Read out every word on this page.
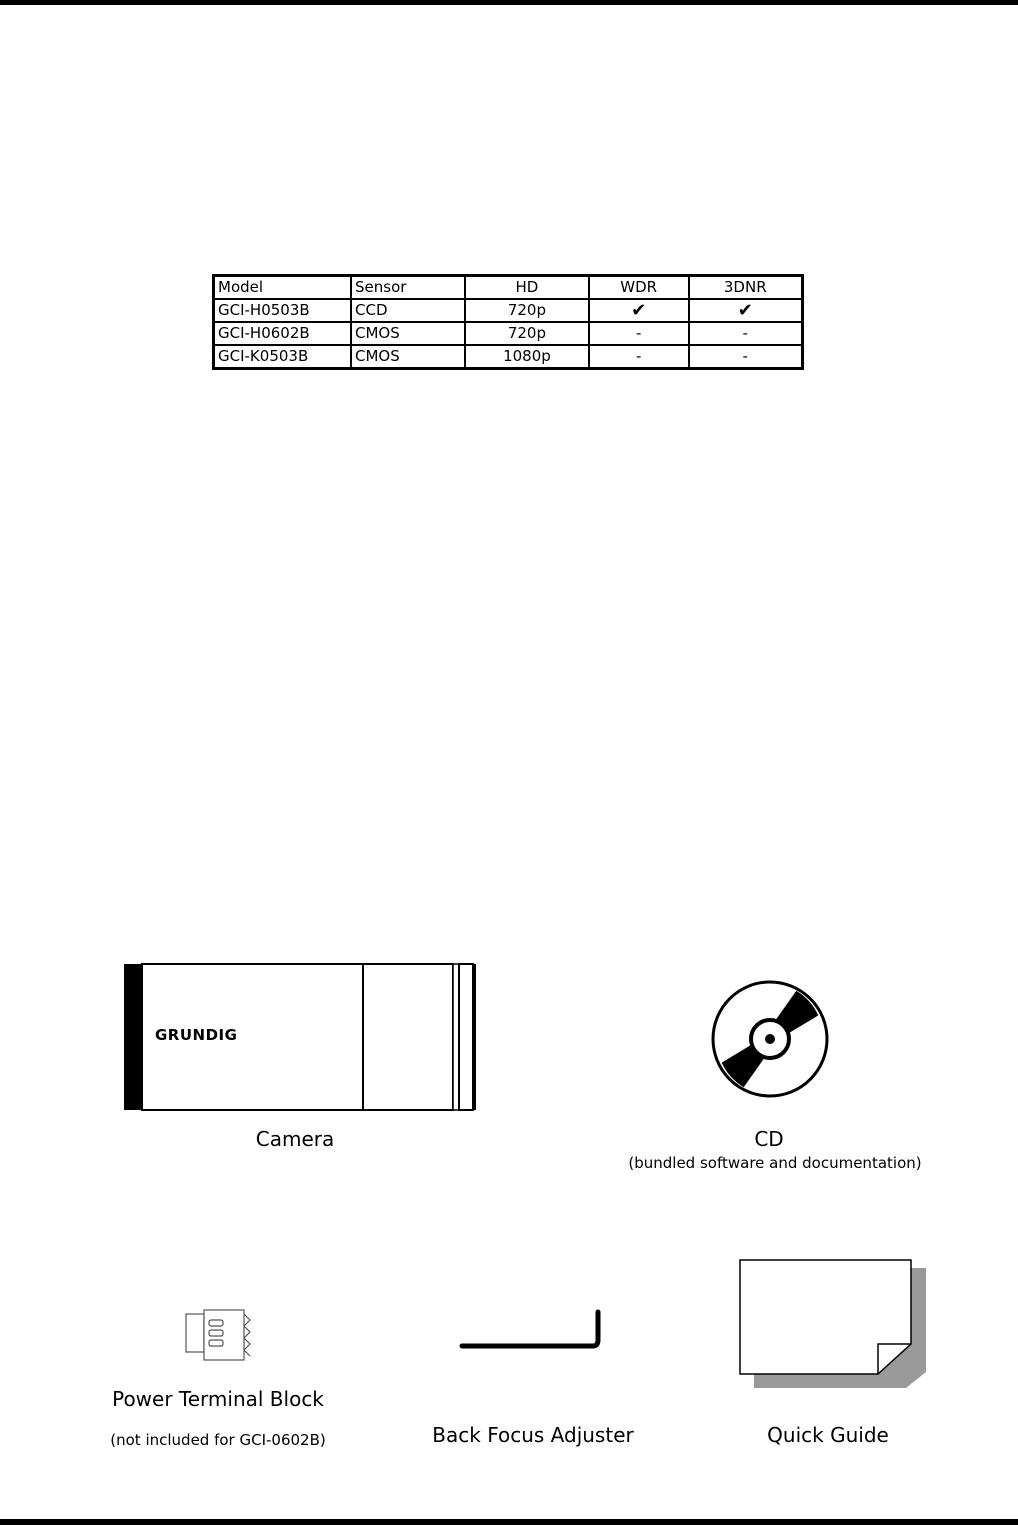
Model	Sensor	HD	WDR	3DNR
GCI-H0503B	CCD	720p	✔	✔
GCI-H0602B	CMOS	720p	-	-
GCI-K0503B	CMOS	1080p	-	-
GRUNDIG
Camera	CD
(bundled software and documentation)
Power Terminal Block
(not included for GCI-0602B)	Back Focus Adjuster	Quick Guide
